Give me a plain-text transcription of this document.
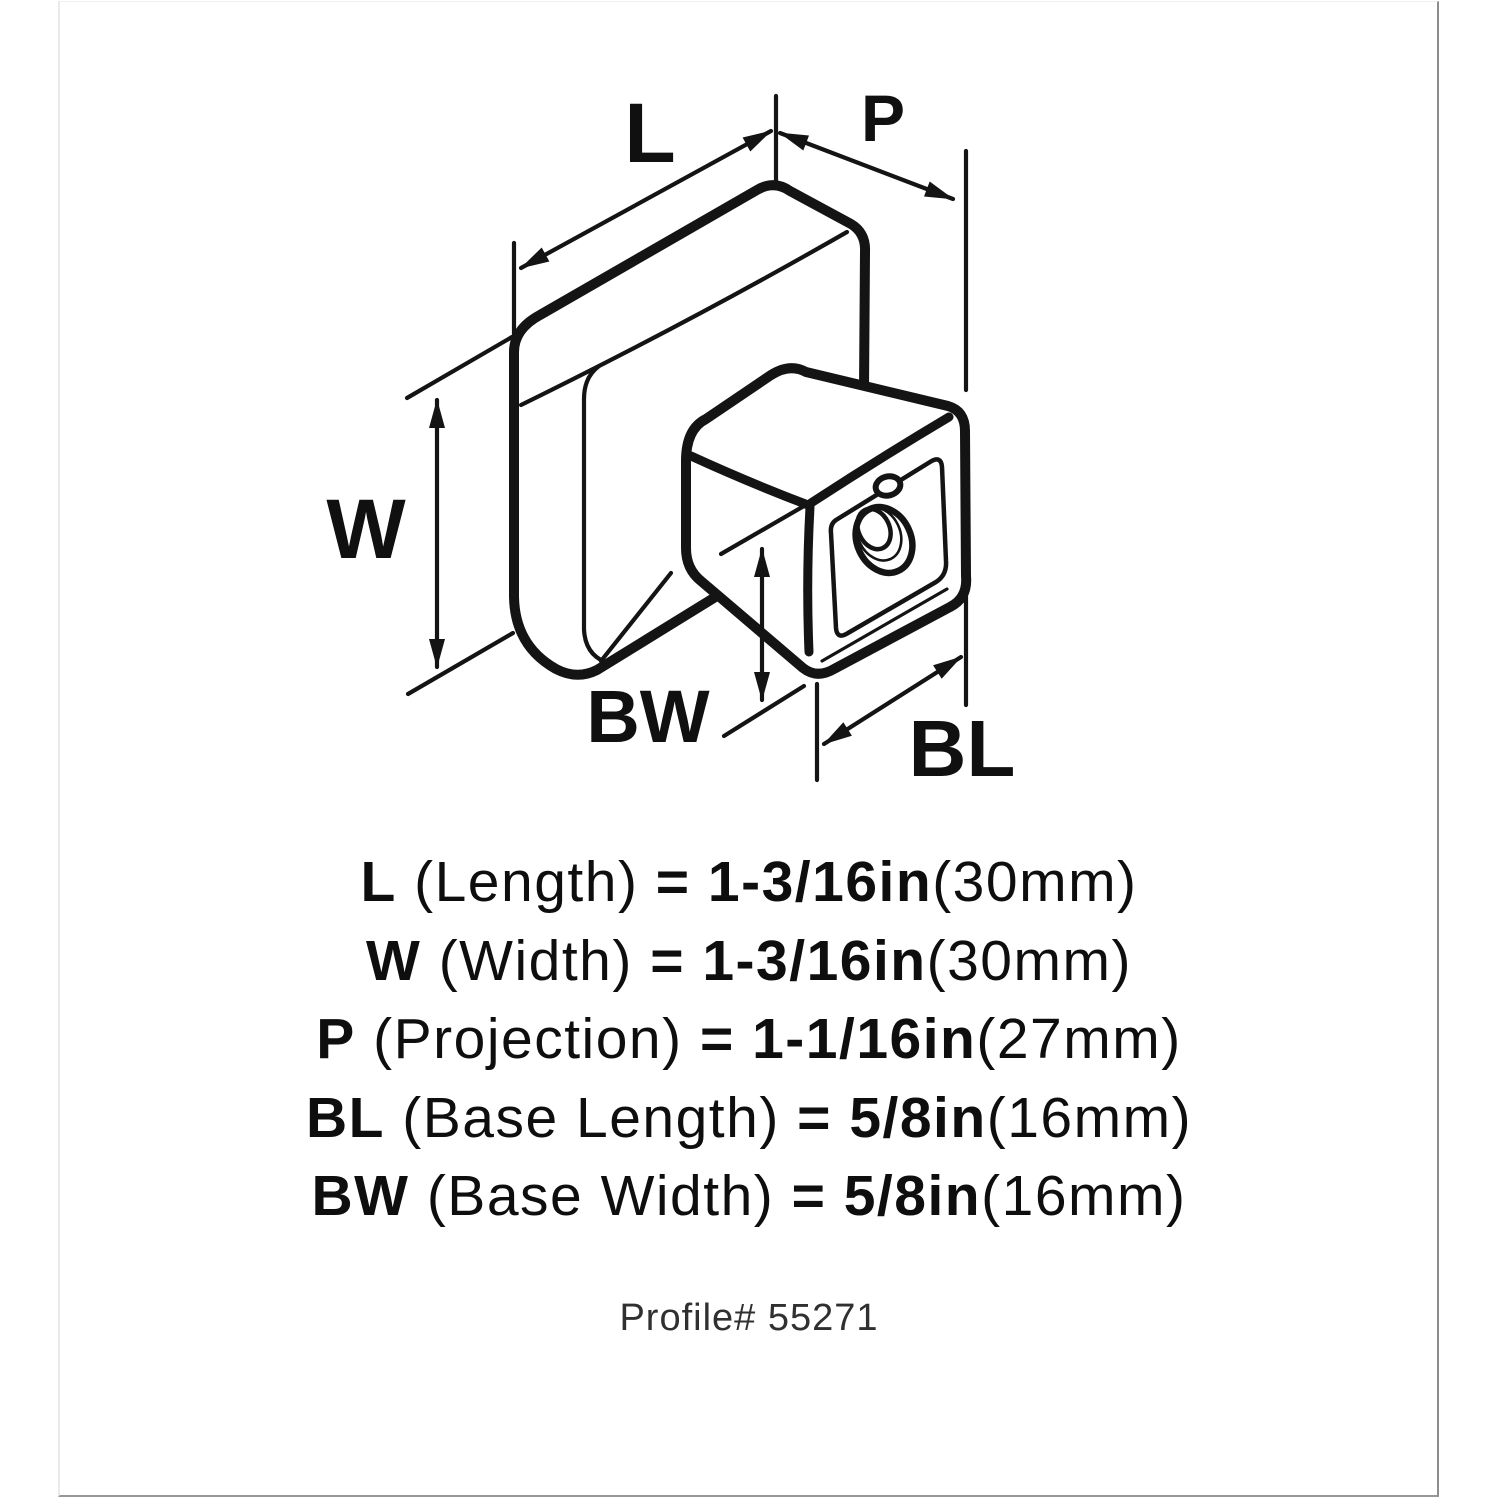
L	P
W
BW BL
L (Length) = 1-3/16in(30mm)
W (Width) = 1-3/16in(30mm)
P (Projection) = 1-1/16in(27mm)
BL (Base Length) = 5/8in(16mm)
BW (Base Width) = 5/8in(16mm)
Profile# 55271
